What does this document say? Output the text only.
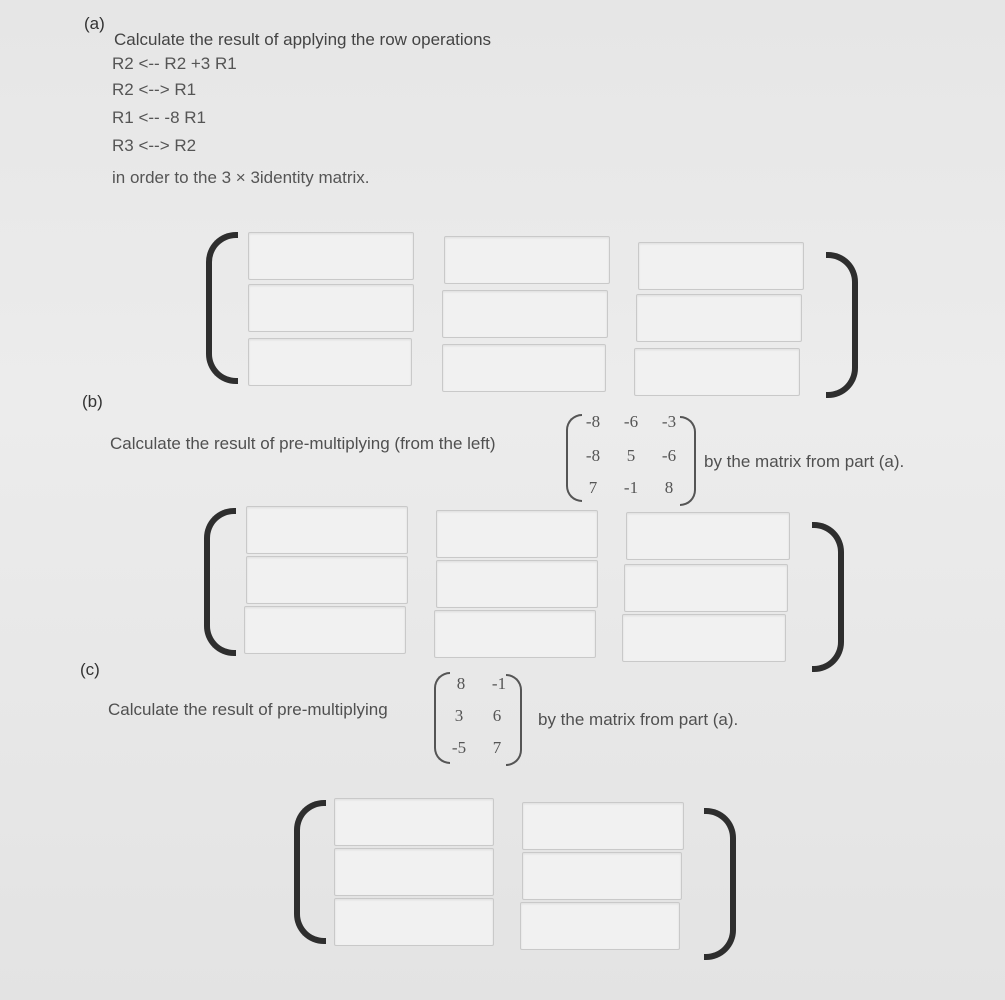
(a)
Calculate the result of applying the row operations
R2 <-- R2 +3 R1
R2 <--> R1
R1 <-- -8 R1
R3 <--> R2
in order to the 3 × 3identity matrix.
(b)
Calculate the result of pre-multiplying (from the left)
-8	-6	-3
-8	5	-6
7	-1	8
by the matrix from part (a).
(c)
Calculate the result of pre-multiplying
8	-1
3	6
-5	7
by the matrix from part (a).
